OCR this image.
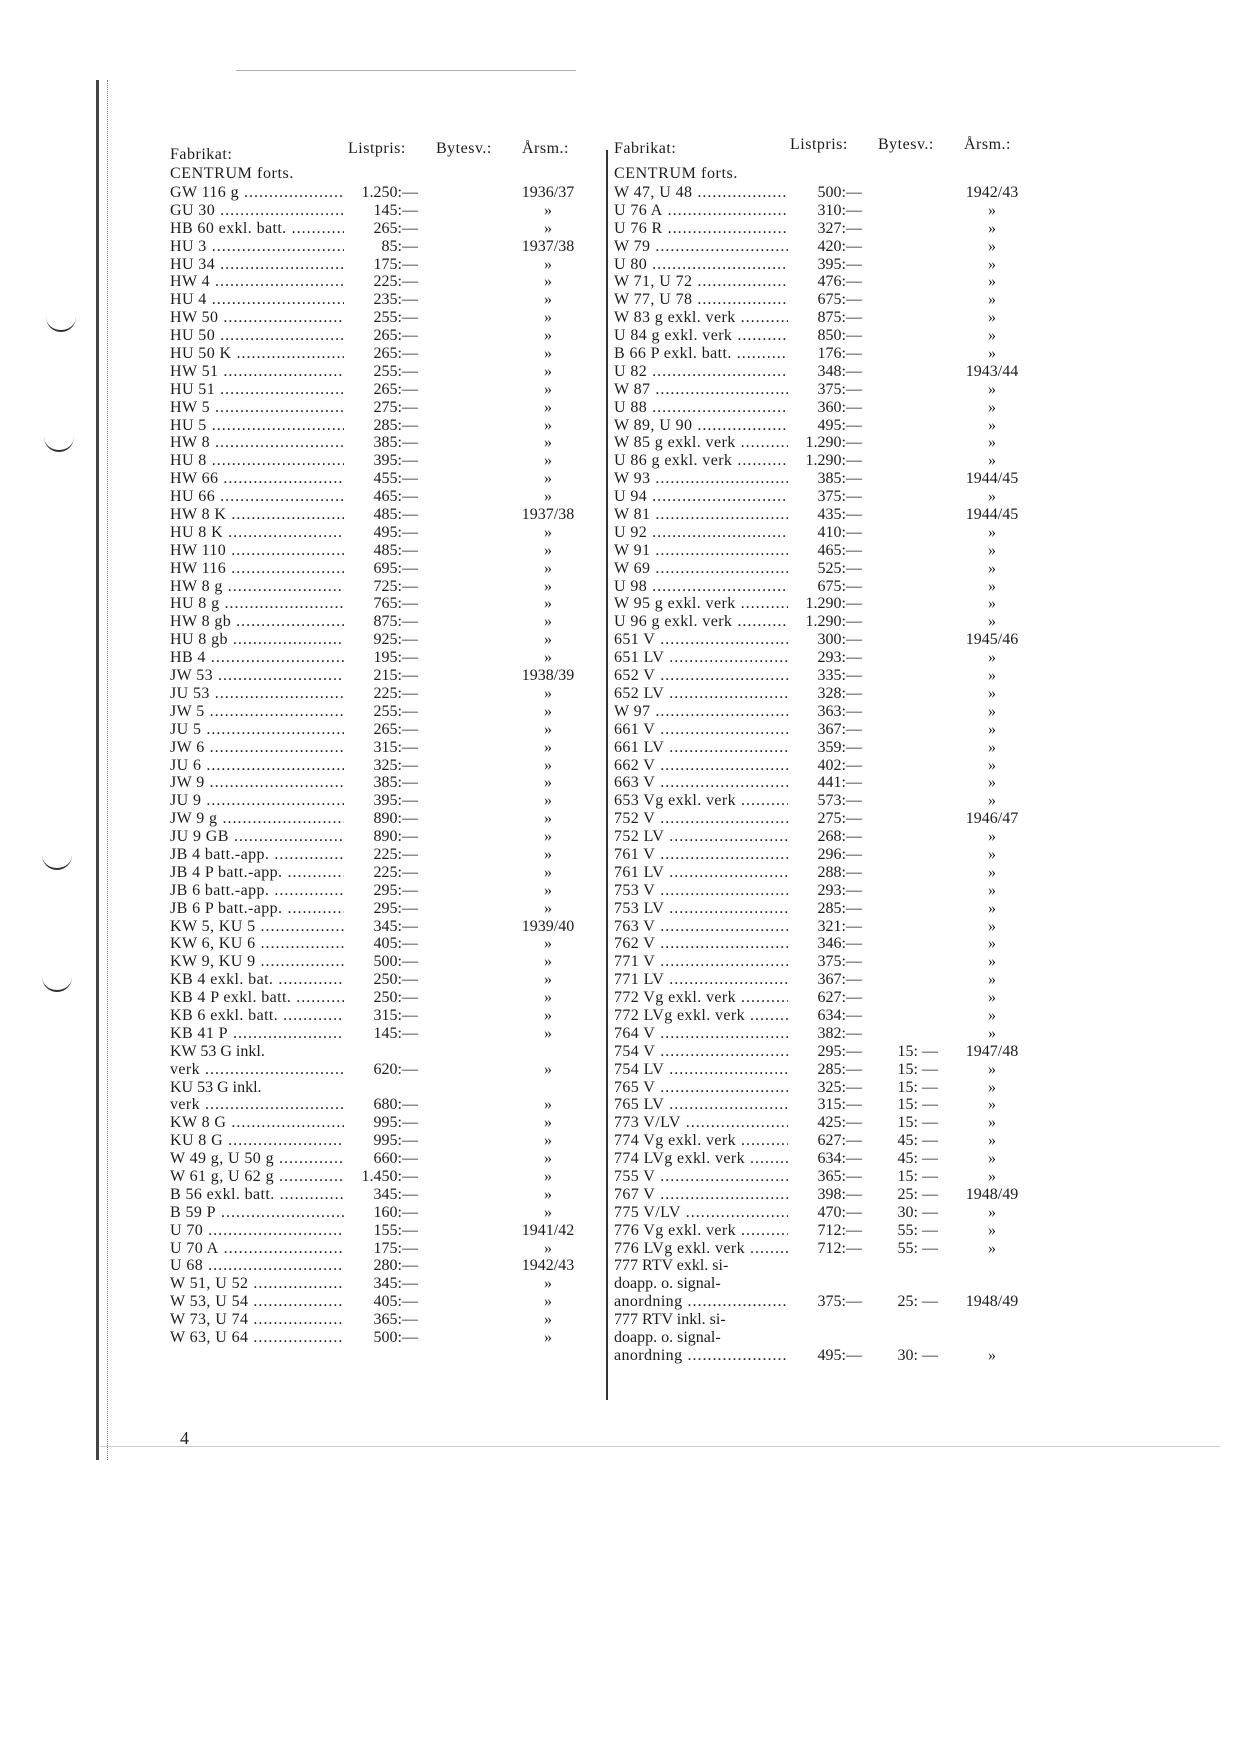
Fabrikat:	Listpris: Bytesv.: Årsm.:
CENTRUM forts.
GW 116 g .....	1.250: —	1936/37
GU 30 .....	145: —	»
HB 60 exkl. batt. .....	265: —	»
HU 3 .....	85: —	1937/38
HU 34 .....	175: —	»
HW 4 .....	225: —	»
HU 4 .....	235: —	»
HW 50 .....	255: —	»
HU 50 .....	265: —	»
HU 50 K .....	265: —	»
HW 51 .....	255: —	»
HU 51 .....	265: —	»
HW 5 .....	275: —	»
HU 5 .....	285: —	»
HW 8 .....	385: —	»
HU 8 .....	395: —	»
HW 66 .....	455: —	»
HU 66 .....	465: —	»
HW 8 K .....	485: —	1937/38
HU 8 K .....	495: —	»
HW 110 .....	485: —	»
HW 116 .....	695: —	»
HW 8 g .....	725: —	»
HU 8 g .....	765: —	»
HW 8 gb .....	875: —	»
HU 8 gb .....	925: —	»
HB 4 .....	195: —	»
JW 53 .....	215: —	1938/39
JU 53 .....	225: —	»
JW 5 .....	255: —	»
JU 5 .....	265: —	»
JW 6 .....	315: —	»
JU 6 .....	325: —	»
JW 9 .....	385: —	»
JU 9 .....	395: —	»
JW 9 g .....	890: —	»
JU 9 GB .....	890: —	»
JB 4 batt.-app. .....	225: —	»
JB 4 P batt.-app. .....	225: —	»
JB 6 batt.-app. .....	295: —	»
JB 6 P batt.-app. .....	295: —	»
KW 5, KU 5 .....	345: —	1939/40
KW 6, KU 6 .....	405: —	»
KW 9, KU 9 .....	500: —	»
KB 4 exkl. bat. .....	250: —	»
KB 4 P exkl. batt. .....	250: —	»
KB 6 exkl. batt. .....	315: —	»
KB 41 P .....	145: —	»
KW 53 G inkl.
verk .....	620: —	»
KU 53 G inkl.
verk .....	680: —	»
KW 8 G .....	995: —	»
KU 8 G .....	995: —	»
W 49 g, U 50 g .....	660: —	»
W 61 g, U 62 g .....	1.450: —	»
B 56 exkl. batt. .....	345: —	»
B 59 P .....	160: —	»
U 70 .....	155: —	1941/42
U 70 A .....	175: —	»
U 68 .....	280: —	1942/43
W 51, U 52 .....	345: —	»
W 53, U 54 .....	405: —	»
W 73, U 74 .....	365: —	»
W 63, U 64 .....	500: —	»
Fabrikat:	Listpris: Bytesv.: Årsm.:
CENTRUM forts.
W 47, U 48 .....	500: —	1942/43
U 76 A .....	310: —	»
U 76 R .....	327: —	»
W 79 .....	420: —	»
U 80 .....	395: —	»
W 71, U 72 .....	476: —	»
W 77, U 78 .....	675: —	»
W 83 g exkl. verk .....	875: —	»
U 84 g exkl. verk .....	850: —	»
B 66 P exkl. batt. .....	176: —	»
U 82 .....	348: —	1943/44
W 87 .....	375: —	»
U 88 .....	360: —	»
W 89, U 90 .....	495: —	»
W 85 g exkl. verk .....	1.290: —	»
U 86 g exkl. verk .....	1.290: —	»
W 93 .....	385: —	1944/45
U 94 .....	375: —	»
W 81 .....	435: —	1944/45
U 92 .....	410: —	»
W 91 .....	465: —	»
W 69 .....	525: —	»
U 98 .....	675: —	»
W 95 g exkl. verk .....	1.290: —	»
U 96 g exkl. verk .....	1.290: —	»
651 V .....	300: —	1945/46
651 LV .....	293: —	»
652 V .....	335: —	»
652 LV .....	328: —	»
W 97 .....	363: —	»
661 V .....	367: —	»
661 LV .....	359: —	»
662 V .....	402: —	»
663 V .....	441: —	»
653 Vg exkl. verk .....	573: —	»
752 V .....	275: —	1946/47
752 LV .....	268: —	»
761 V .....	296: —	»
761 LV .....	288: —	»
753 V .....	293: —	»
753 LV .....	285: —	»
763 V .....	321: —	»
762 V .....	346: —	»
771 V .....	375: —	»
771 LV .....	367: —	»
772 Vg exkl. verk .....	627: —	»
772 LVg exkl. verk .....	634: —	»
764 V .....	382: —	»
754 V .....	295: —	15: —	1947/48
754 LV .....	285: —	15: —	»
765 V .....	325: —	15: —	»
765 LV .....	315: —	15: —	»
773 V/LV .....	425: —	15: —	»
774 Vg exkl. verk .....	627: —	45: —	»
774 LVg exkl. verk .....	634: —	45: —	»
755 V .....	365: —	15: —	»
767 V .....	398: —	25: —	1948/49
775 V/LV .....	470: —	30: —	»
776 Vg exkl. verk .....	712: —	55: —	»
776 LVg exkl. verk .....	712: —	55: —	»
777 RTV exkl. si-
doapp. o. signal-
anordning .....	375: —	25: —	1948/49
777 RTV inkl. si-
doapp. o. signal-
anordning .....	495: —	30: —	»
4
